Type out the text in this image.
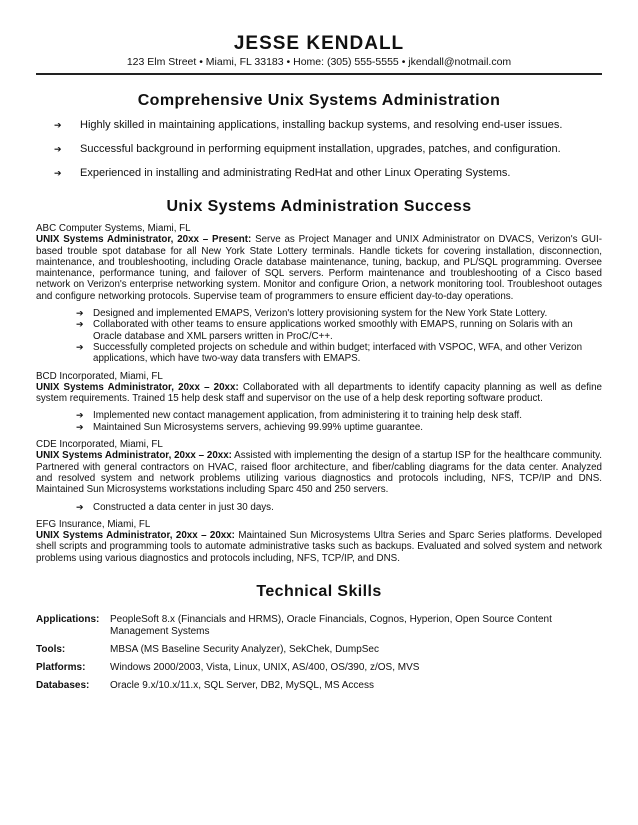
JESSE KENDALL
123 Elm Street • Miami, FL 33183 • Home: (305) 555-5555 • jkendall@notmail.com
Comprehensive Unix Systems Administration
➔ Highly skilled in maintaining applications, installing backup systems, and resolving end-user issues.
➔ Successful background in performing equipment installation, upgrades, patches, and configuration.
➔ Experienced in installing and administrating RedHat and other Linux Operating Systems.
Unix Systems Administration Success
ABC Computer Systems, Miami, FL
UNIX Systems Administrator, 20xx – Present: Serve as Project Manager and UNIX Administrator on DVACS, Verizon's GUI-based trouble spot database for all New York State Lottery terminals. Handle tickets for covering installation, disconnection, maintenance, and troubleshooting, including Oracle database maintenance, tuning, backup, and PL/SQL programming. Oversee maintenance, performance tuning, and failover of SQL servers. Perform maintenance and troubleshooting of a Cisco based network on Verizon's enterprise networking system. Monitor and configure Orion, a network monitoring tool. Troubleshoot outages and configure networking protocols. Supervise team of programmers to ensure efficient day-to-day operations.
➔ Designed and implemented EMAPS, Verizon's lottery provisioning system for the New York State Lottery.
➔ Collaborated with other teams to ensure applications worked smoothly with EMAPS, running on Solaris with an Oracle database and XML parsers written in ProC/C++.
➔ Successfully completed projects on schedule and within budget; interfaced with VSPOC, WFA, and other Verizon applications, which have two-way data transfers with EMAPS.
BCD Incorporated, Miami, FL
UNIX Systems Administrator, 20xx – 20xx: Collaborated with all departments to identify capacity planning as well as define system requirements. Trained 15 help desk staff and supervisor on the use of a help desk reporting software product.
➔ Implemented new contact management application, from administering it to training help desk staff.
➔ Maintained Sun Microsystems servers, achieving 99.99% uptime guarantee.
CDE Incorporated, Miami, FL
UNIX Systems Administrator, 20xx – 20xx: Assisted with implementing the design of a startup ISP for the healthcare community. Partnered with general contractors on HVAC, raised floor architecture, and fiber/cabling diagrams for the data center. Analyzed and resolved system and network problems utilizing various diagnostics and protocols including, NFS, TCP/IP and DNS. Maintained Sun Microsystems workstations including Sparc 450 and 250 servers.
➔ Constructed a data center in just 30 days.
EFG Insurance, Miami, FL
UNIX Systems Administrator, 20xx – 20xx: Maintained Sun Microsystems Ultra Series and Sparc Series platforms. Developed shell scripts and programming tools to automate administrative tasks such as backups. Evaluated and solved system and network problems using various diagnostics and protocols including, NFS, TCP/IP, and DNS.
Technical Skills
Applications:	PeopleSoft 8.x (Financials and HRMS), Oracle Financials, Cognos, Hyperion, Open Source Content Management Systems
Tools:	MBSA (MS Baseline Security Analyzer), SekChek, DumpSec
Platforms:	Windows 2000/2003, Vista, Linux, UNIX, AS/400, OS/390, z/OS, MVS
Databases:	Oracle 9.x/10.x/11.x, SQL Server, DB2, MySQL, MS Access
